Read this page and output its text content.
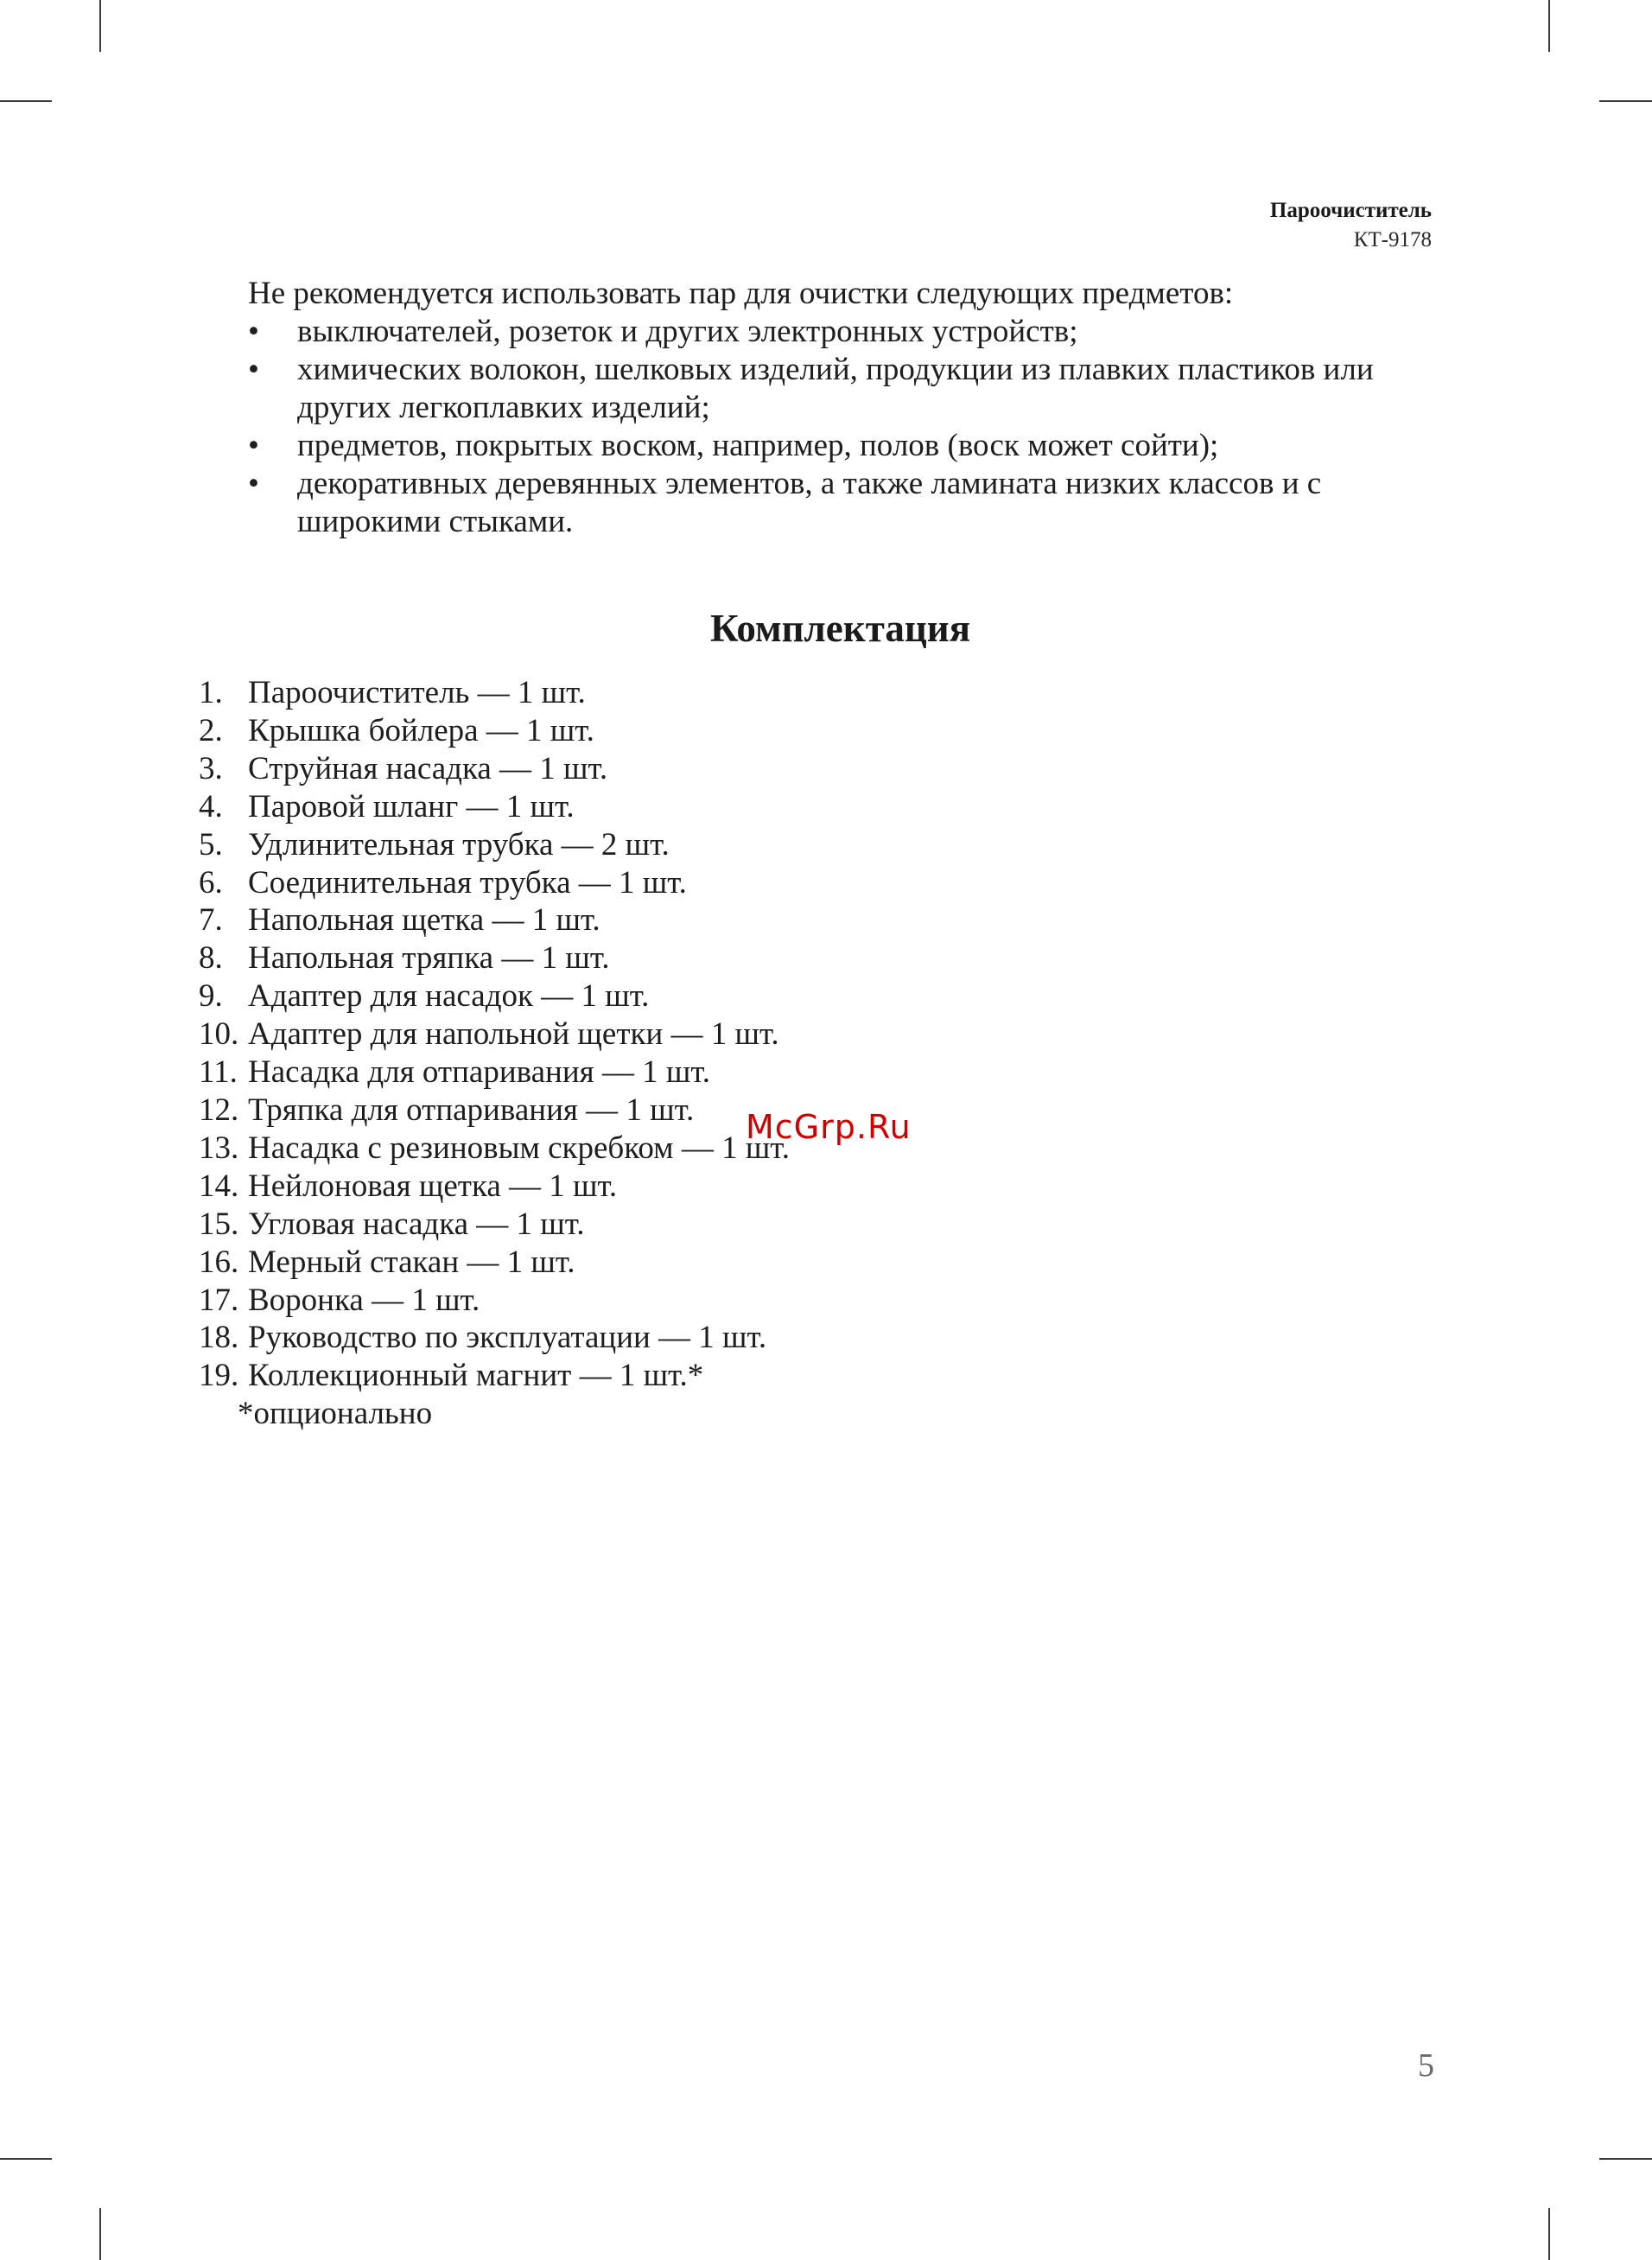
Пароочиститель
КТ-9178
Не рекомендуется использовать пар для очистки следующих предметов:
• выключателей, розеток и других электронных устройств;
• химических волокон, шелковых изделий, продукции из плавких пластиков или других легкоплавких изделий;
• предметов, покрытых воском, например, полов (воск может сойти);
• декоративных деревянных элементов, а также ламината низких классов и с широкими стыками.
Комплектация
1. Пароочиститель — 1 шт.
2. Крышка бойлера — 1 шт.
3. Струйная насадка — 1 шт.
4. Паровой шланг — 1 шт.
5. Удлинительная трубка — 2 шт.
6. Соединительная трубка — 1 шт.
7. Напольная щетка — 1 шт.
8. Напольная тряпка — 1 шт.
9. Адаптер для насадок — 1 шт.
10. Адаптер для напольной щетки — 1 шт.
11. Насадка для отпаривания — 1 шт.
12. Тряпка для отпаривания — 1 шт.
13. Насадка с резиновым скребком — 1 шт.
14. Нейлоновая щетка — 1 шт.
15. Угловая насадка — 1 шт.
16. Мерный стакан — 1 шт.
17. Воронка — 1 шт.
18. Руководство по эксплуатации — 1 шт.
19. Коллекционный магнит — 1 шт.*
*опционально
McGrp.Ru
5
